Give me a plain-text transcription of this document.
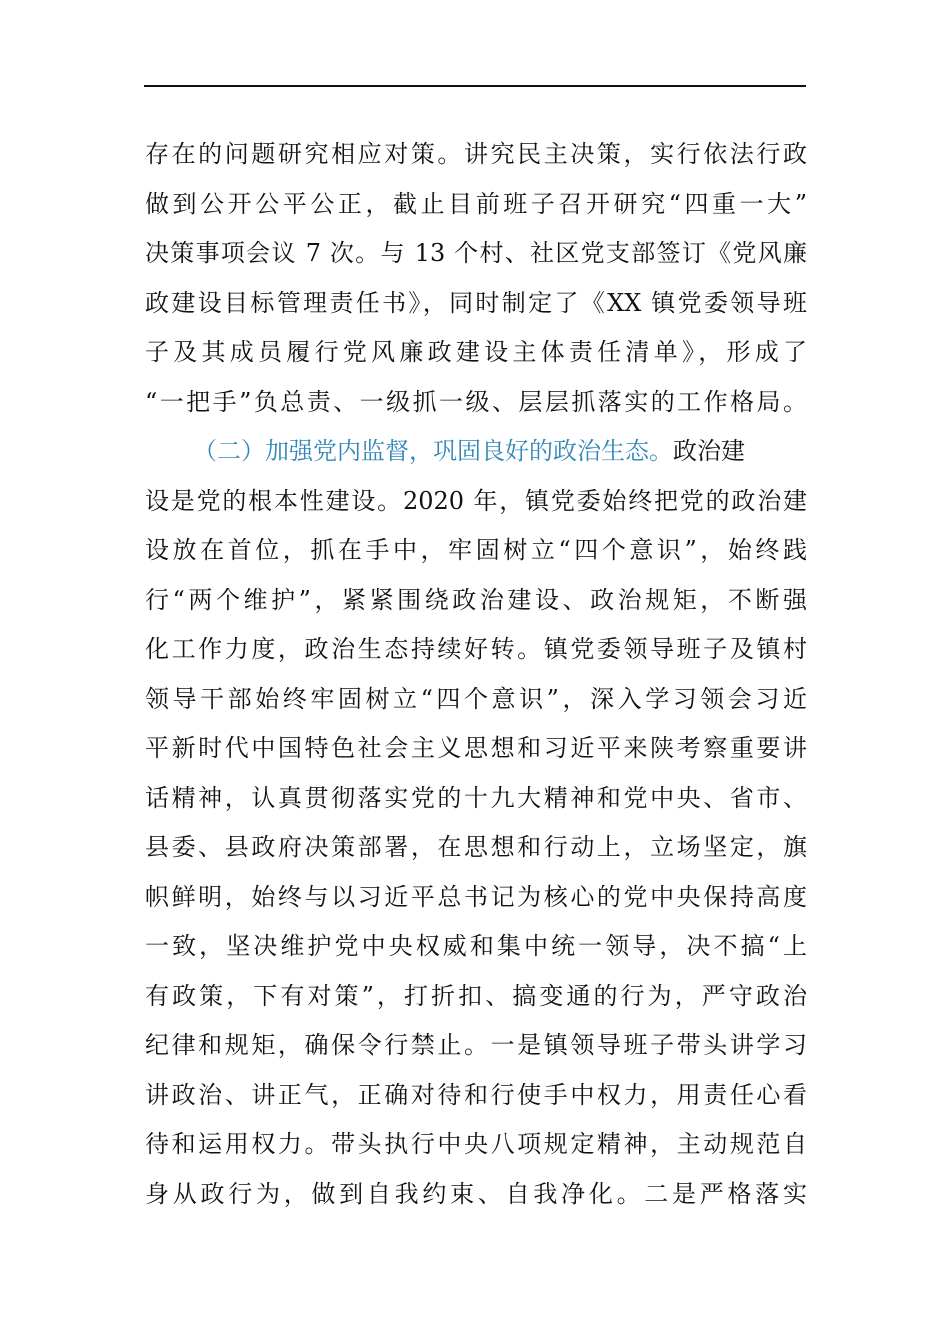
存在的问题研究相应对策。讲究民主决策，实行依法行政
做到公开公平公正，截止目前班子召开研究“四重一大”
决策事项会议 7 次。与 13 个村、社区党支部签订《党风廉
政建设目标管理责任书》，同时制定了《XX 镇党委领导班
子及其成员履行党风廉政建设主体责任清单》，形成了
“一把手”负总责、一级抓一级、层层抓落实的工作格局。
（二）加强党内监督，巩固良好的政治生态。政治建
设是党的根本性建设。2020 年，镇党委始终把党的政治建
设放在首位，抓在手中，牢固树立“四个意识”，始终践
行“两个维护”，紧紧围绕政治建设、政治规矩，不断强
化工作力度，政治生态持续好转。镇党委领导班子及镇村
领导干部始终牢固树立“四个意识”，深入学习领会习近
平新时代中国特色社会主义思想和习近平来陕考察重要讲
话精神，认真贯彻落实党的十九大精神和党中央、省市、
县委、县政府决策部署，在思想和行动上，立场坚定，旗
帜鲜明，始终与以习近平总书记为核心的党中央保持高度
一致，坚决维护党中央权威和集中统一领导，决不搞“上
有政策，下有对策”，打折扣、搞变通的行为，严守政治
纪律和规矩，确保令行禁止。一是镇领导班子带头讲学习
讲政治、讲正气，正确对待和行使手中权力，用责任心看
待和运用权力。带头执行中央八项规定精神，主动规范自
身从政行为，做到自我约束、自我净化。二是严格落实
